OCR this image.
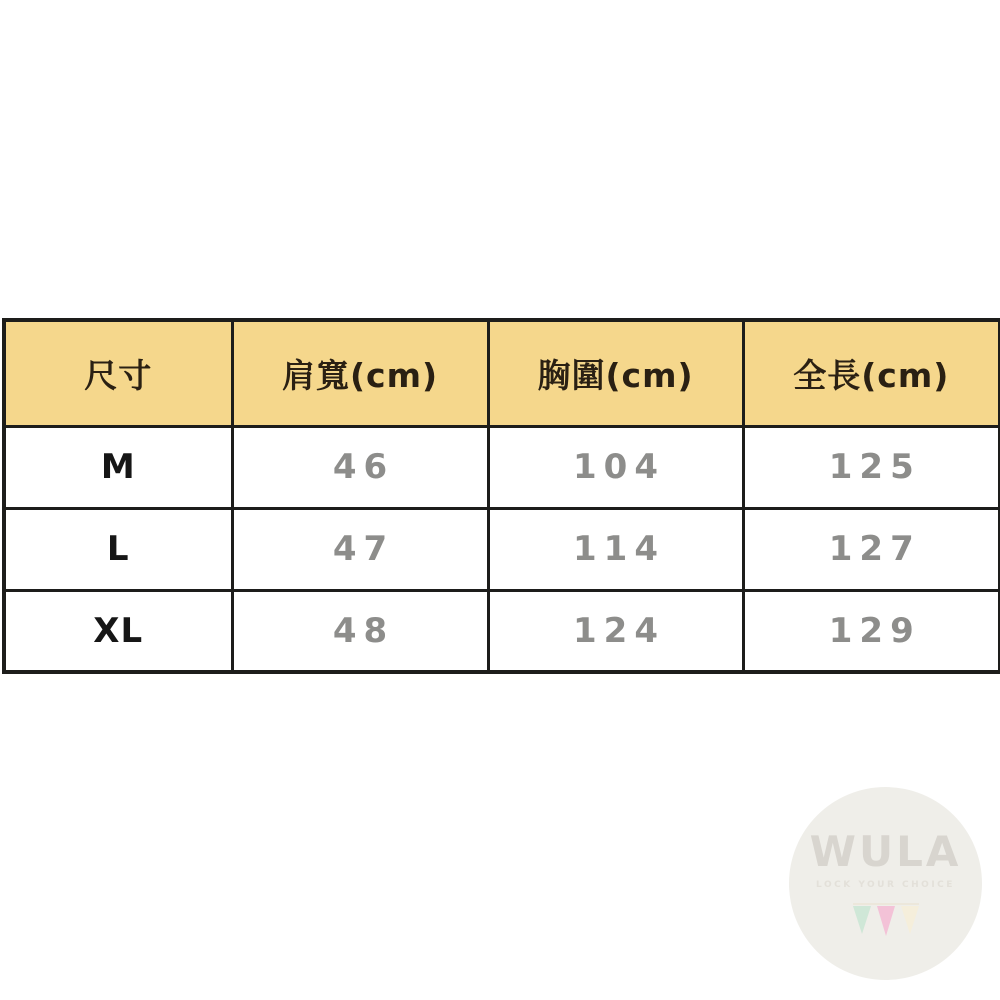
尺寸	肩寬(cm)	胸圍(cm)	全長(cm)
M	46	104	125
L	47	114	127
XL	48	124	129
WULA
LOCK YOUR CHOICE
